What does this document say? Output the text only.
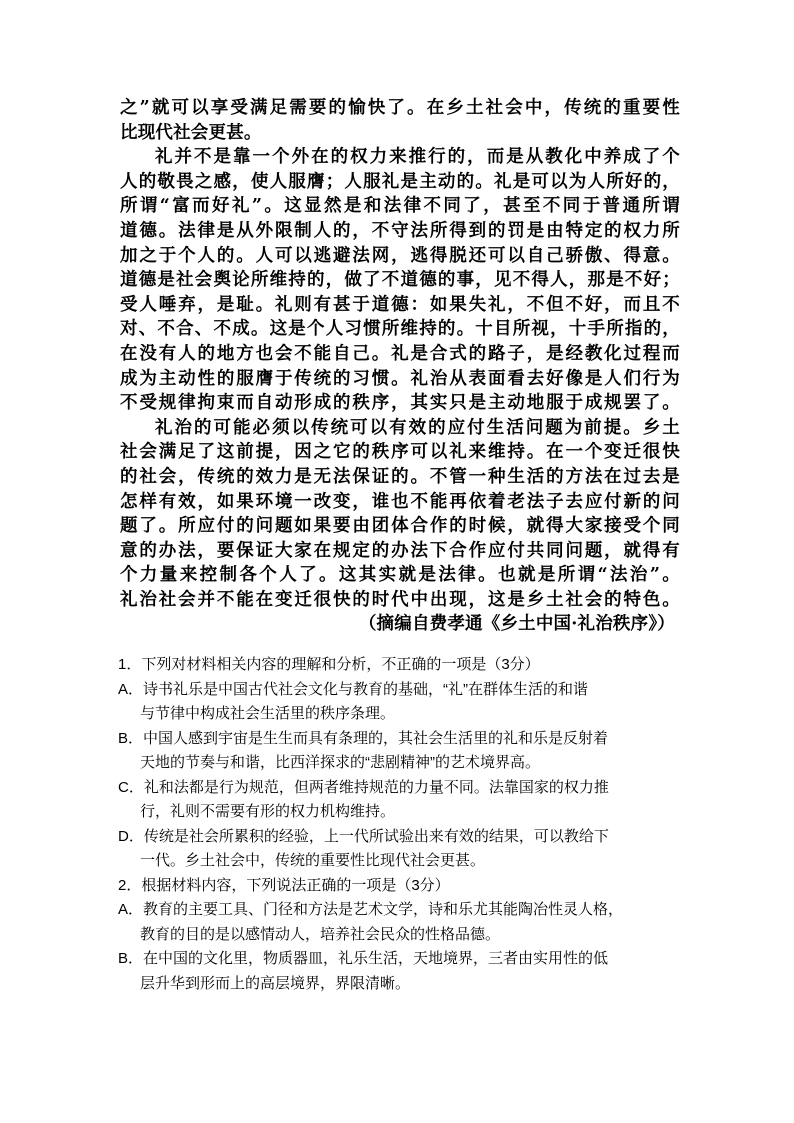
之”就可以享受满足需要的愉快了。在乡土社会中，传统的重要性
比现代社会更甚。
礼并不是靠一个外在的权力来推行的，而是从教化中养成了个
人的敬畏之感，使人服膺；人服礼是主动的。礼是可以为人所好的，
所谓“富而好礼”。这显然是和法律不同了，甚至不同于普通所谓
道德。法律是从外限制人的，不守法所得到的罚是由特定的权力所
加之于个人的。人可以逃避法网，逃得脱还可以自己骄傲、得意。
道德是社会舆论所维持的，做了不道德的事，见不得人，那是不好；
受人唾弃，是耻。礼则有甚于道德：如果失礼，不但不好，而且不
对、不合、不成。这是个人习惯所维持的。十目所视，十手所指的，
在没有人的地方也会不能自己。礼是合式的路子，是经教化过程而
成为主动性的服膺于传统的习惯。礼治从表面看去好像是人们行为
不受规律拘束而自动形成的秩序，其实只是主动地服于成规罢了。
礼治的可能必须以传统可以有效的应付生活问题为前提。乡土
社会满足了这前提，因之它的秩序可以礼来维持。在一个变迁很快
的社会，传统的效力是无法保证的。不管一种生活的方法在过去是
怎样有效，如果环境一改变，谁也不能再依着老法子去应付新的问
题了。所应付的问题如果要由团体合作的时候，就得大家接受个同
意的办法，要保证大家在规定的办法下合作应付共同问题，就得有
个力量来控制各个人了。这其实就是法律。也就是所谓“法治”。
礼治社会并不能在变迁很快的时代中出现，这是乡土社会的特色。
（摘编自费孝通《乡土中国·礼治秩序》）
1．下列对材料相关内容的理解和分析，不正确的一项是（3分）
A．诗书礼乐是中国古代社会文化与教育的基础，“礼”在群体生活的和谐
与节律中构成社会生活里的秩序条理。
B．中国人感到宇宙是生生而具有条理的，其社会生活里的礼和乐是反射着
天地的节奏与和谐，比西洋探求的“悲剧精神”的艺术境界高。
C．礼和法都是行为规范，但两者维持规范的力量不同。法靠国家的权力推
行，礼则不需要有形的权力机构维持。
D．传统是社会所累积的经验，上一代所试验出来有效的结果，可以教给下
一代。乡土社会中，传统的重要性比现代社会更甚。
2．根据材料内容，下列说法正确的一项是（3分）
A．教育的主要工具、门径和方法是艺术文学，诗和乐尤其能陶冶性灵人格，
教育的目的是以感情动人，培养社会民众的性格品德。
B．在中国的文化里，物质器皿，礼乐生活，天地境界，三者由实用性的低
层升华到形而上的高层境界，界限清晰。
